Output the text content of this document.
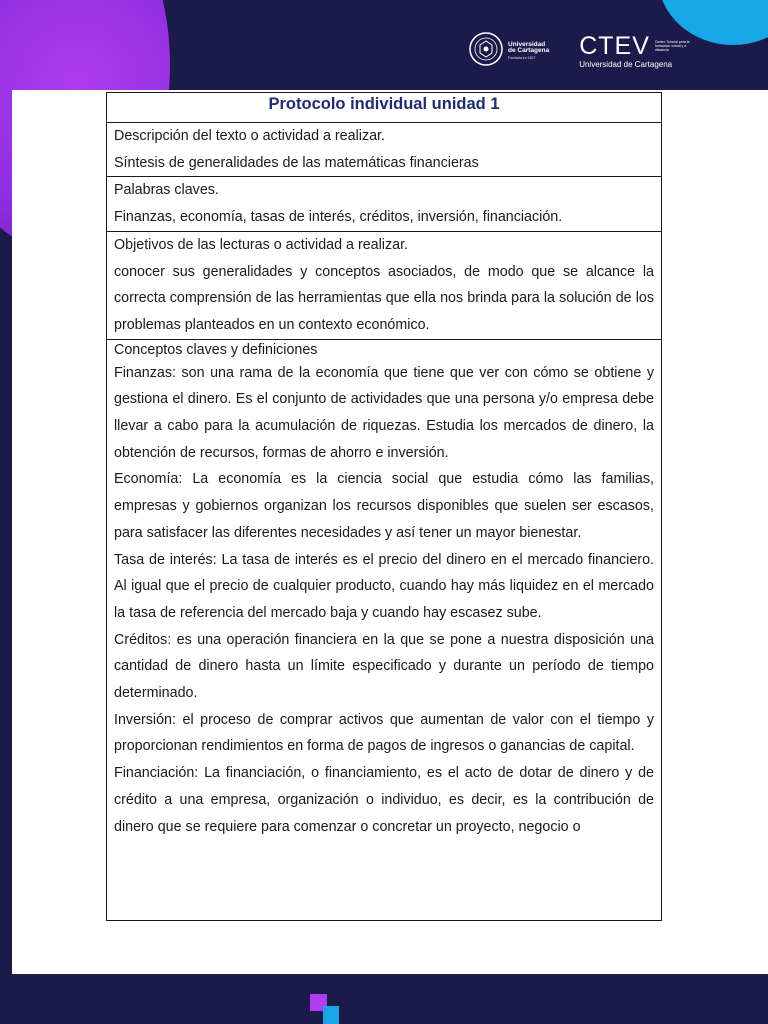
Universidad
de Cartagena
Fundada en 1827	CTEV Centro Tutorial para la formación virtual y a distancia
Universidad de Cartagena
Protocolo individual unidad 1

Descripción del texto o actividad a realizar.
Síntesis de generalidades de las matemáticas financieras

Palabras claves.
Finanzas, economía, tasas de interés, créditos, inversión, financiación.

Objetivos de las lecturas o actividad a realizar.
conocer sus generalidades y conceptos asociados, de modo que se alcance la correcta comprensión de las herramientas que ella nos brinda para la solución de los problemas planteados en un contexto económico.

Conceptos claves y definiciones
Finanzas: son una rama de la economía que tiene que ver con cómo se obtiene y gestiona el dinero. Es el conjunto de actividades que una persona y/o empresa debe llevar a cabo para la acumulación de riquezas. Estudia los mercados de dinero, la obtención de recursos, formas de ahorro e inversión.
Economía: La economía es la ciencia social que estudia cómo las familias, empresas y gobiernos organizan los recursos disponibles que suelen ser escasos, para satisfacer las diferentes necesidades y así tener un mayor bienestar.
Tasa de interés: La tasa de interés es el precio del dinero en el mercado financiero. Al igual que el precio de cualquier producto, cuando hay más liquidez en el mercado la tasa de referencia del mercado baja y cuando hay escasez sube.
Créditos: es una operación financiera en la que se pone a nuestra disposición una cantidad de dinero hasta un límite especificado y durante un período de tiempo determinado.
Inversión: el proceso de comprar activos que aumentan de valor con el tiempo y proporcionan rendimientos en forma de pagos de ingresos o ganancias de capital.
Financiación: La financiación, o financiamiento, es el acto de dotar de dinero y de crédito a una empresa, organización o individuo, es decir, es la contribución de dinero que se requiere para comenzar o concretar un proyecto, negocio o
